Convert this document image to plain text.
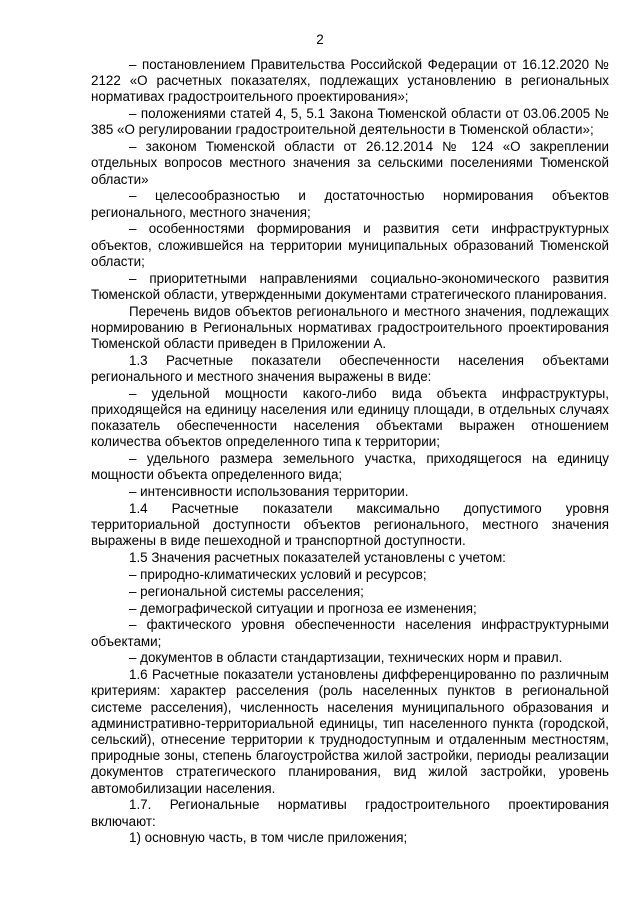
2

– постановлением Правительства Российской Федерации от 16.12.2020 № 2122 «О расчетных показателях, подлежащих установлению в региональных нормативах градостроительного проектирования»;

– положениями статей 4, 5, 5.1 Закона Тюменской области от 03.06.2005 № 385 «О регулировании градостроительной деятельности в Тюменской области»;

– законом Тюменской области от 26.12.2014 № 124 «О закреплении отдельных вопросов местного значения за сельскими поселениями Тюменской области»

– целесообразностью и достаточностью нормирования объектов регионального, местного значения;

– особенностями формирования и развития сети инфраструктурных объектов, сложившейся на территории муниципальных образований Тюменской области;

– приоритетными направлениями социально-экономического развития Тюменской области, утвержденными документами стратегического планирования.

Перечень видов объектов регионального и местного значения, подлежащих нормированию в Региональных нормативах градостроительного проектирования Тюменской области приведен в Приложении А.

1.3 Расчетные показатели обеспеченности населения объектами регионального и местного значения выражены в виде:

– удельной мощности какого-либо вида объекта инфраструктуры, приходящейся на единицу населения или единицу площади, в отдельных случаях показатель обеспеченности населения объектами выражен отношением количества объектов определенного типа к территории;

– удельного размера земельного участка, приходящегося на единицу мощности объекта определенного вида;

– интенсивности использования территории.

1.4 Расчетные показатели максимально допустимого уровня территориальной доступности объектов регионального, местного значения выражены в виде пешеходной и транспортной доступности.

1.5 Значения расчетных показателей установлены с учетом:

– природно-климатических условий и ресурсов;

– региональной системы расселения;

– демографической ситуации и прогноза ее изменения;

– фактического уровня обеспеченности населения инфраструктурными объектами;

– документов в области стандартизации, технических норм и правил.

1.6 Расчетные показатели установлены дифференцированно по различным критериям: характер расселения (роль населенных пунктов в региональной системе расселения), численность населения муниципального образования и административно-территориальной единицы, тип населенного пункта (городской, сельский), отнесение территории к труднодоступным и отдаленным местностям, природные зоны, степень благоустройства жилой застройки, периоды реализации документов стратегического планирования, вид жилой застройки, уровень автомобилизации населения.

1.7. Региональные нормативы градостроительного проектирования включают:

1) основную часть, в том числе приложения;
